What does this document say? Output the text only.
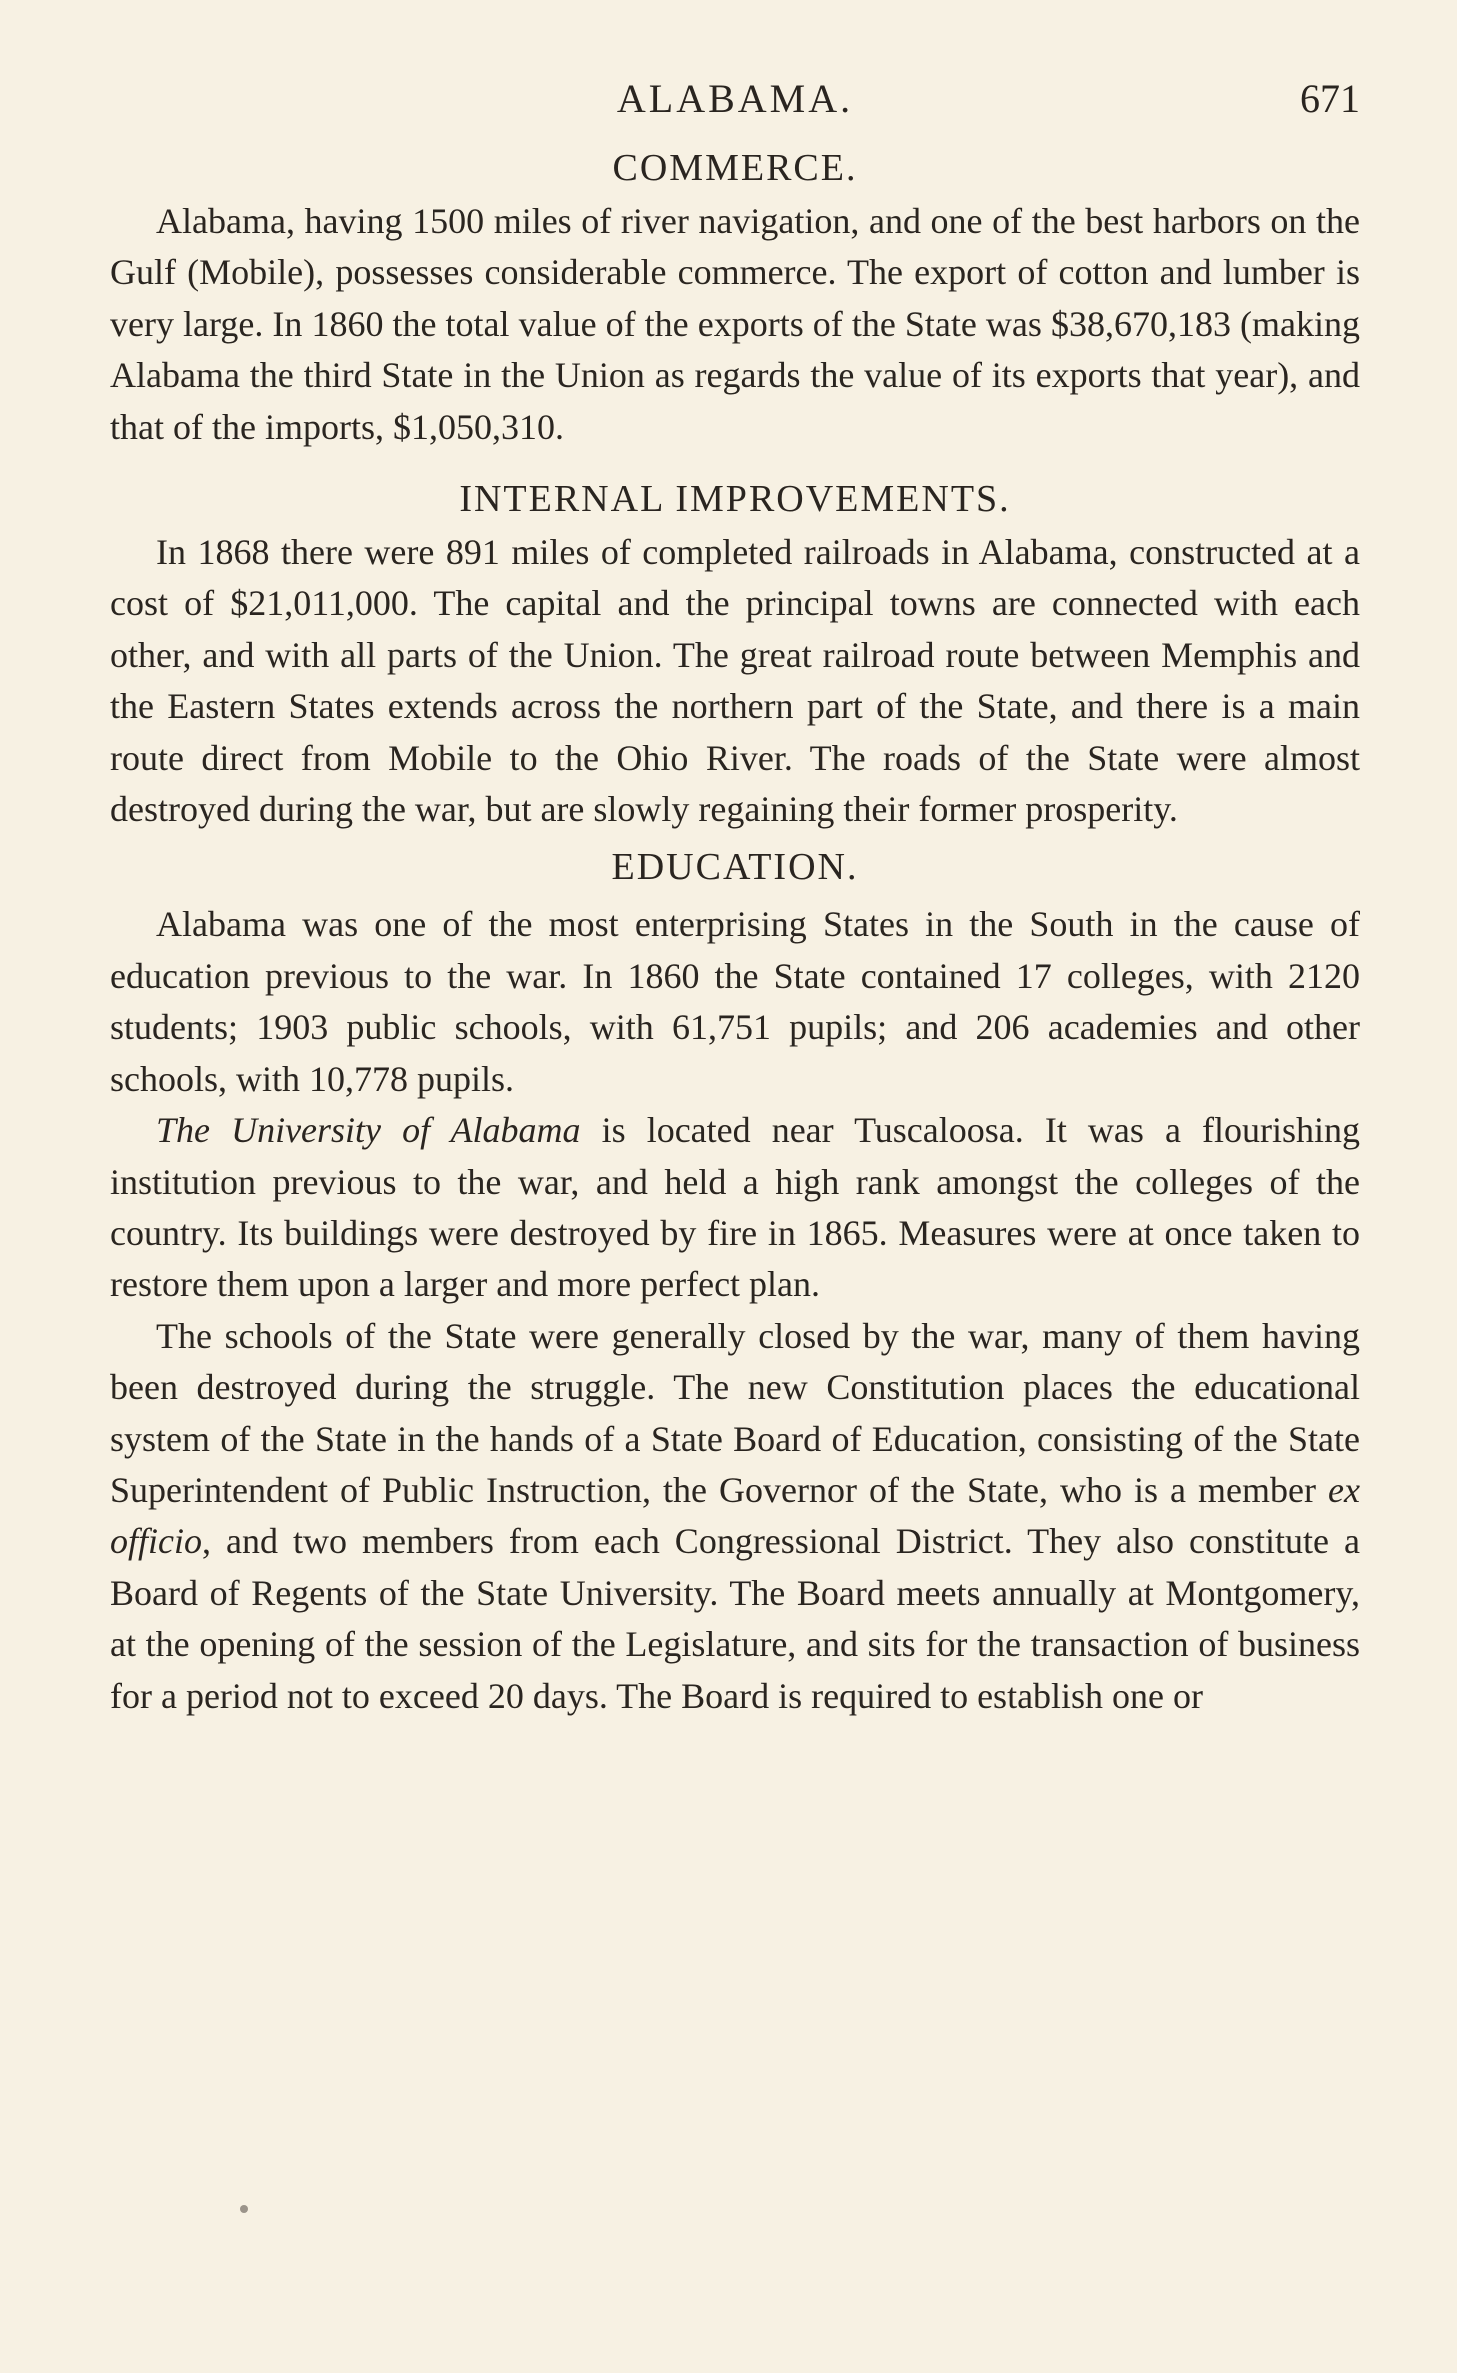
ALABAMA.	671
COMMERCE.

Alabama, having 1500 miles of river navigation, and one of the best harbors on the Gulf (Mobile), possesses considerable commerce. The export of cotton and lumber is very large. In 1860 the total value of the exports of the State was $38,670,183 (making Alabama the third State in the Union as regards the value of its exports that year), and that of the imports, $1,050,310.

INTERNAL IMPROVEMENTS.

In 1868 there were 891 miles of completed railroads in Alabama, constructed at a cost of $21,011,000. The capital and the principal towns are connected with each other, and with all parts of the Union. The great railroad route between Memphis and the Eastern States extends across the northern part of the State, and there is a main route direct from Mobile to the Ohio River. The roads of the State were almost destroyed during the war, but are slowly regaining their former prosperity.

EDUCATION.

Alabama was one of the most enterprising States in the South in the cause of education previous to the war. In 1860 the State contained 17 colleges, with 2120 students; 1903 public schools, with 61,751 pupils; and 206 academies and other schools, with 10,778 pupils.

The University of Alabama is located near Tuscaloosa. It was a flourishing institution previous to the war, and held a high rank amongst the colleges of the country. Its buildings were destroyed by fire in 1865. Measures were at once taken to restore them upon a larger and more perfect plan.

The schools of the State were generally closed by the war, many of them having been destroyed during the struggle. The new Constitution places the educational system of the State in the hands of a State Board of Education, consisting of the State Superintendent of Public Instruction, the Governor of the State, who is a member ex officio, and two members from each Congressional District. They also constitute a Board of Regents of the State University. The Board meets annually at Montgomery, at the opening of the session of the Legislature, and sits for the transaction of business for a period not to exceed 20 days. The Board is required to establish one or
